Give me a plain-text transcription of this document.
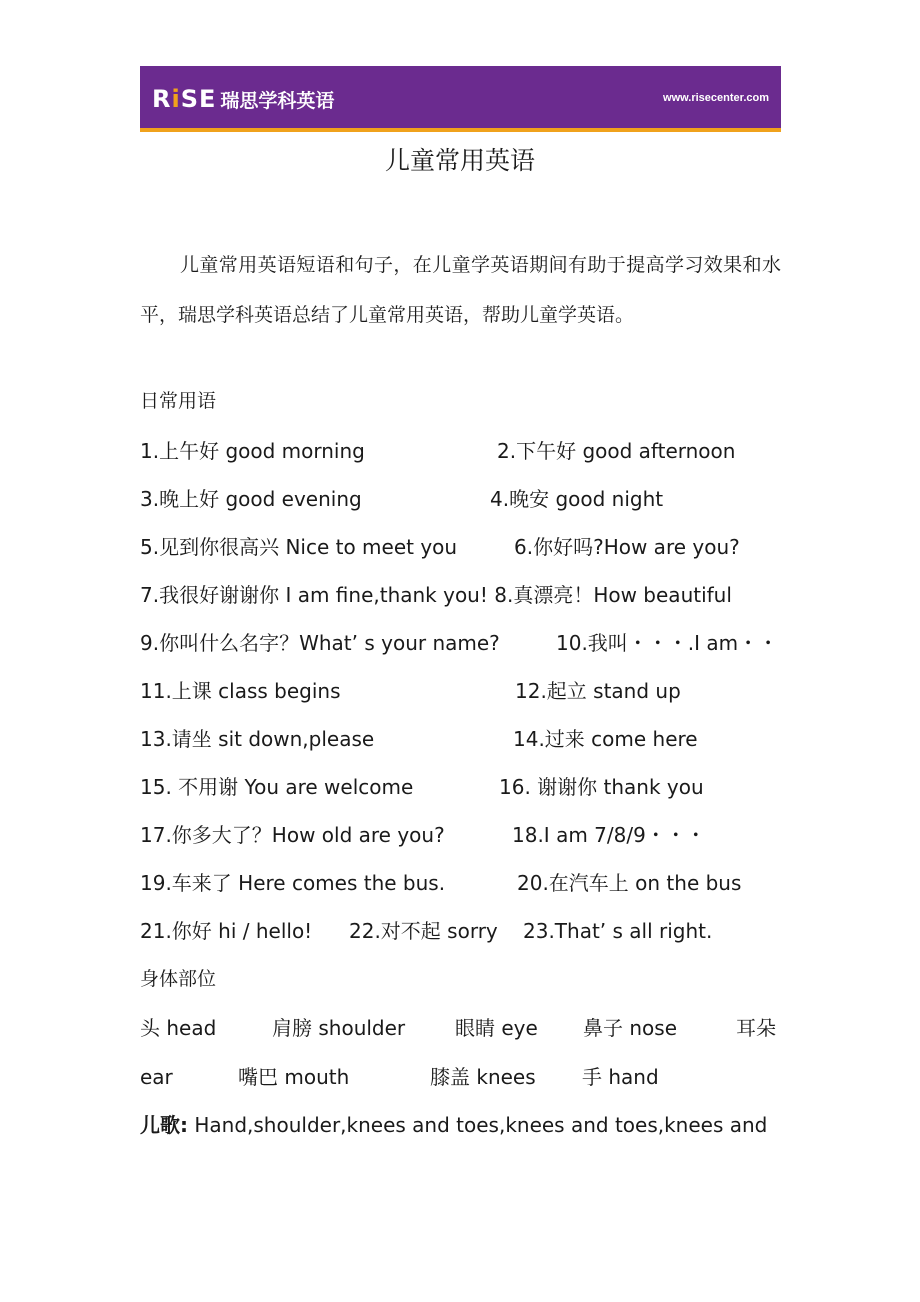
RiSE 瑞思学科英语	www.risecenter.com
儿童常用英语

儿童常用英语短语和句子，在儿童学英语期间有助于提高学习效果和水平，瑞思学科英语总结了儿童常用英语，帮助儿童学英语。

日常用语
1.上午好 good morning	2.下午好 good afternoon
3.晚上好 good evening	4.晚安 good night
5.见到你很高兴 Nice to meet you	6.你好吗?How are you?
7.我很好谢谢你 I am fine,thank you! 8.真漂亮！How beautiful
9.你叫什么名字？What’ s your name?	10.我叫・・・.I am・・
11.上课 class begins	12.起立 stand up
13.请坐 sit down,please	14.过来 come here
15. 不用谢 You are welcome	16. 谢谢你 thank you
17.你多大了？How old are you?	18.I am 7/8/9・・・
19.车来了 Here comes the bus.	20.在汽车上 on the bus
21.你好 hi / hello! 22.对不起 sorry 23.That’ s all right.
身体部位
头 head	肩膀 shoulder 眼睛 eye 鼻子 nose	耳朵
ear	嘴巴 mouth	膝盖 knees 手 hand
儿歌: Hand,shoulder,knees and toes,knees and toes,knees and
